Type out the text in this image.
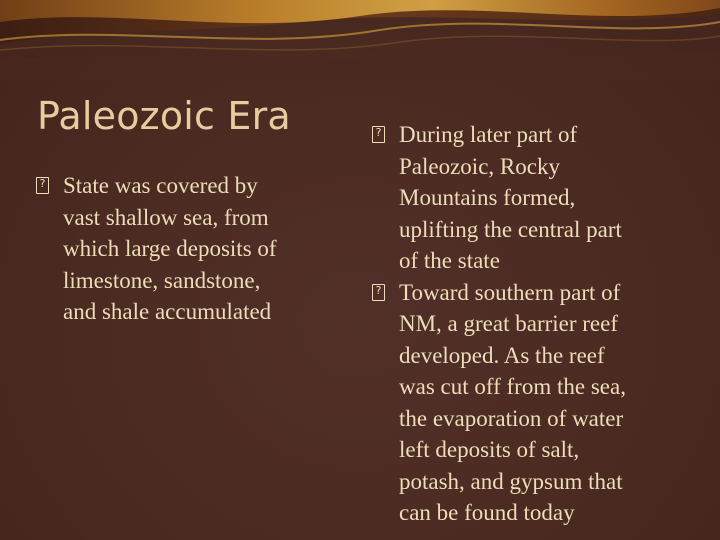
Paleozoic Era
?
State was covered by
vast shallow sea, from
which large deposits of
limestone, sandstone,
and shale accumulated
?
During later part of
Paleozoic, Rocky
Mountains formed,
uplifting the central part
of the state
?
Toward southern part of
NM, a great barrier reef
developed. As the reef
was cut off from the sea,
the evaporation of water
left deposits of salt,
potash, and gypsum that
can be found today
